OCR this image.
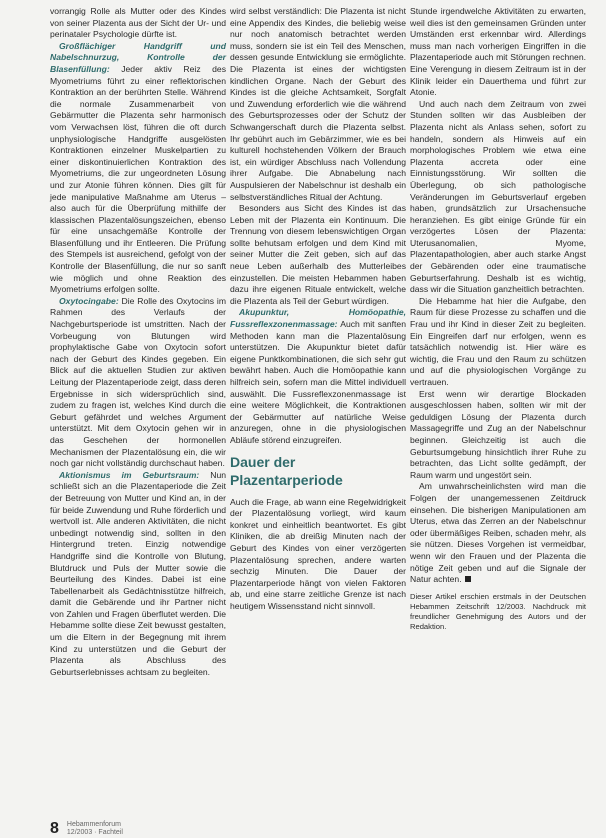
vorrangig Rolle als Mutter oder des Kindes von seiner Plazenta aus der Sicht der Ur- und perinataler Psychologie dürfte ist.

Großflächiger Handgriff und Nabelschnurzug, Kontrolle der Blasenfüllung: Jeder aktiv Reiz des Myometriums führt zu einer reflektorischen Kontraktion an der berührten Stelle. Während die normale Zusammenarbeit von Gebärmutter die Plazenta sehr harmonisch vom Verwachsen löst, führen die oft durch unphysiologische Handgriffe ausgelösten Kontraktionen einzelner Muskelpartien zu einer diskontinuierlichen Kontraktion des Myometriums, die zur ungeordneten Lösung und zur Atonie führen können. Dies gilt für jede manipulative Maßnahme am Uterus – also auch für die Überprüfung mithilfe der klassischen Plazentalösungszeichen, ebenso für eine unsachgemäße Kontrolle der Blasenfüllung und ihr Entleeren. Die Prüfung des Stempels ist ausreichend, gefolgt von der Kontrolle der Blasenfüllung, die nur so sanft wie möglich und ohne Reaktion des Myometriums erfolgen sollte.

Oxytocingabe: Die Rolle des Oxytocins im Rahmen des Verlaufs der Nachgeburtsperiode ist umstritten. Nach der Vorbeugung von Blutungen wird prophylaktische Gabe von Oxytocin sofort nach der Geburt des Kindes gegeben. Ein Blick auf die aktuellen Studien zur aktiven Leitung der Plazentaperiode zeigt, dass deren Ergebnisse in sich widersprüchlich sind, zudem zu fragen ist, welches Kind durch die Geburt gefährdet und welches Argument unterstützt. Mit dem Oxytocin gehen wir in das Geschehen der hormonellen Mechanismen der Plazentalösung ein, die wir noch gar nicht vollständig durchschaut haben.

Aktionismus im Geburtsraum: Nun schließt sich an die Plazentaperiode die Zeit der Betreuung von Mutter und Kind an, in der für beide Zuwendung und Ruhe förderlich und wertvoll ist. Alle anderen Aktivitäten, die nicht unbedingt notwendig sind, sollten in den Hintergrund treten. Einzig notwendige Handgriffe sind die Kontrolle von Blutung, Blutdruck und Puls der Mutter sowie die Beurteilung des Kindes. Dabei ist eine Tabellenarbeit als Gedächtnisstütze hilfreich, damit die Gebärende und ihr Partner nicht von Zahlen und Fragen überflutet werden. Die Hebamme sollte diese Zeit bewusst gestalten, um die Eltern in der Begegnung mit ihrem Kind zu unterstützen und die Geburt der Plazenta als Abschluss des Geburtserlebnisses achtsam zu begleiten.

wird selbst verständlich: Die Plazenta ist nicht eine Appendix des Kindes, die beliebig weise nur noch anatomisch betrachtet werden muss, sondern sie ist ein Teil des Menschen, dessen gesunde Entwicklung sie ermöglichte. Die Plazenta ist eines der wichtigsten kindlichen Organe. Nach der Geburt des Kindes ist die gleiche Achtsamkeit, Sorgfalt und Zuwendung erforderlich wie die während des Geburtsprozesses oder der Schutz der Schwangerschaft durch die Plazenta selbst. Ihr gebührt auch im Gebärzimmer, wie es bei kulturell hochstehenden Völkern der Brauch ist, ein würdiger Abschluss nach Vollendung ihrer Aufgabe. Die Abnabelung nach Auspulsieren der Nabelschnur ist deshalb ein selbstverständliches Ritual der Achtung.

Besonders aus Sicht des Kindes ist das Leben mit der Plazenta ein Kontinuum. Die Trennung von diesem lebenswichtigen Organ sollte behutsam erfolgen und dem Kind mit seiner Mutter die Zeit geben, sich auf das neue Leben außerhalb des Mutterleibes einzustellen. Die meisten Hebammen haben dazu ihre eigenen Rituale entwickelt, welche die Plazenta als Teil der Geburt würdigen.

Akupunktur, Homöopathie, Fussreflexzonenmassage: Auch mit sanften Methoden kann man die Plazentalösung unterstützen. Die Akupunktur bietet dafür eigene Punktkombinationen, die sich sehr gut bewährt haben. Auch die Homöopathie kann hilfreich sein, sofern man die Mittel individuell auswählt. Die Fussreflexzonenmassage ist eine weitere Möglichkeit, die Kontraktionen der Gebärmutter auf natürliche Weise anzuregen, ohne in die physiologischen Abläufe störend einzugreifen.

Dauer der Plazentarperiode

Auch die Frage, ab wann eine Regelwidrigkeit der Plazentalösung vorliegt, wird kaum konkret und einheitlich beantwortet. Es gibt Kliniken, die ab dreißig Minuten nach der Geburt des Kindes von einer verzögerten Plazentalösung sprechen, andere warten sechzig Minuten. Die Dauer der Plazentarperiode hängt von vielen Faktoren ab, und eine starre zeitliche Grenze ist nach heutigem Wissensstand nicht sinnvoll.

Stunde irgendwelche Aktivitäten zu erwarten, weil dies ist den gemeinsamen Gründen unter Umständen erst erkennbar wird. Allerdings muss man nach vorherigen Eingriffen in die Plazentaperiode auch mit Störungen rechnen. Eine Verengung in diesem Zeitraum ist in der Klinik leider ein Dauerthema und führt zur Atonie.

Und auch nach dem Zeitraum von zwei Stunden sollten wir das Ausbleiben der Plazenta nicht als Anlass sehen, sofort zu handeln, sondern als Hinweis auf ein morphologisches Problem wie etwa eine Plazenta accreta oder eine Einnistungsstörung. Wir sollten die Überlegung, ob sich pathologische Veränderungen im Geburtsverlauf ergeben haben, grundsätzlich zur Ursachensuche heranziehen. Es gibt einige Gründe für ein verzögertes Lösen der Plazenta: Uterusanomalien, Myome, Plazentapathologien, aber auch starke Angst der Gebärenden oder eine traumatische Geburtserfahrung. Deshalb ist es wichtig, dass wir die Situation ganzheitlich betrachten.

Die Hebamme hat hier die Aufgabe, den Raum für diese Prozesse zu schaffen und die Frau und ihr Kind in dieser Zeit zu begleiten. Ein Eingreifen darf nur erfolgen, wenn es tatsächlich notwendig ist. Hier wäre es wichtig, die Frau und den Raum zu schützen und auf die physiologischen Vorgänge zu vertrauen.

Erst wenn wir derartige Blockaden ausgeschlossen haben, sollten wir mit der geduldigen Lösung der Plazenta durch Massagegriffe und Zug an der Nabelschnur beginnen. Gleichzeitig ist auch die Geburtsumgebung hinsichtlich ihrer Ruhe zu betrachten, das Licht sollte gedämpft, der Raum warm und ungestört sein.

Am unwahrscheinlichsten wird man die Folgen der unangemessenen Zeitdruck einsehen. Die bisherigen Manipulationen am Uterus, etwa das Zerren an der Nabelschnur oder übermäßiges Reiben, schaden mehr, als sie nützen. Dieses Vorgehen ist vermeidbar, wenn wir den Frauen und der Plazenta die nötige Zeit geben und auf die Signale der Natur achten.

Dieser Artikel erschien erstmals in der Deutschen Hebammen Zeitschrift 12/2003. Nachdruck mit freundlicher Genehmigung des Autors und der Redaktion.

8 Hebammenforum
12/2003 · Fachteil
